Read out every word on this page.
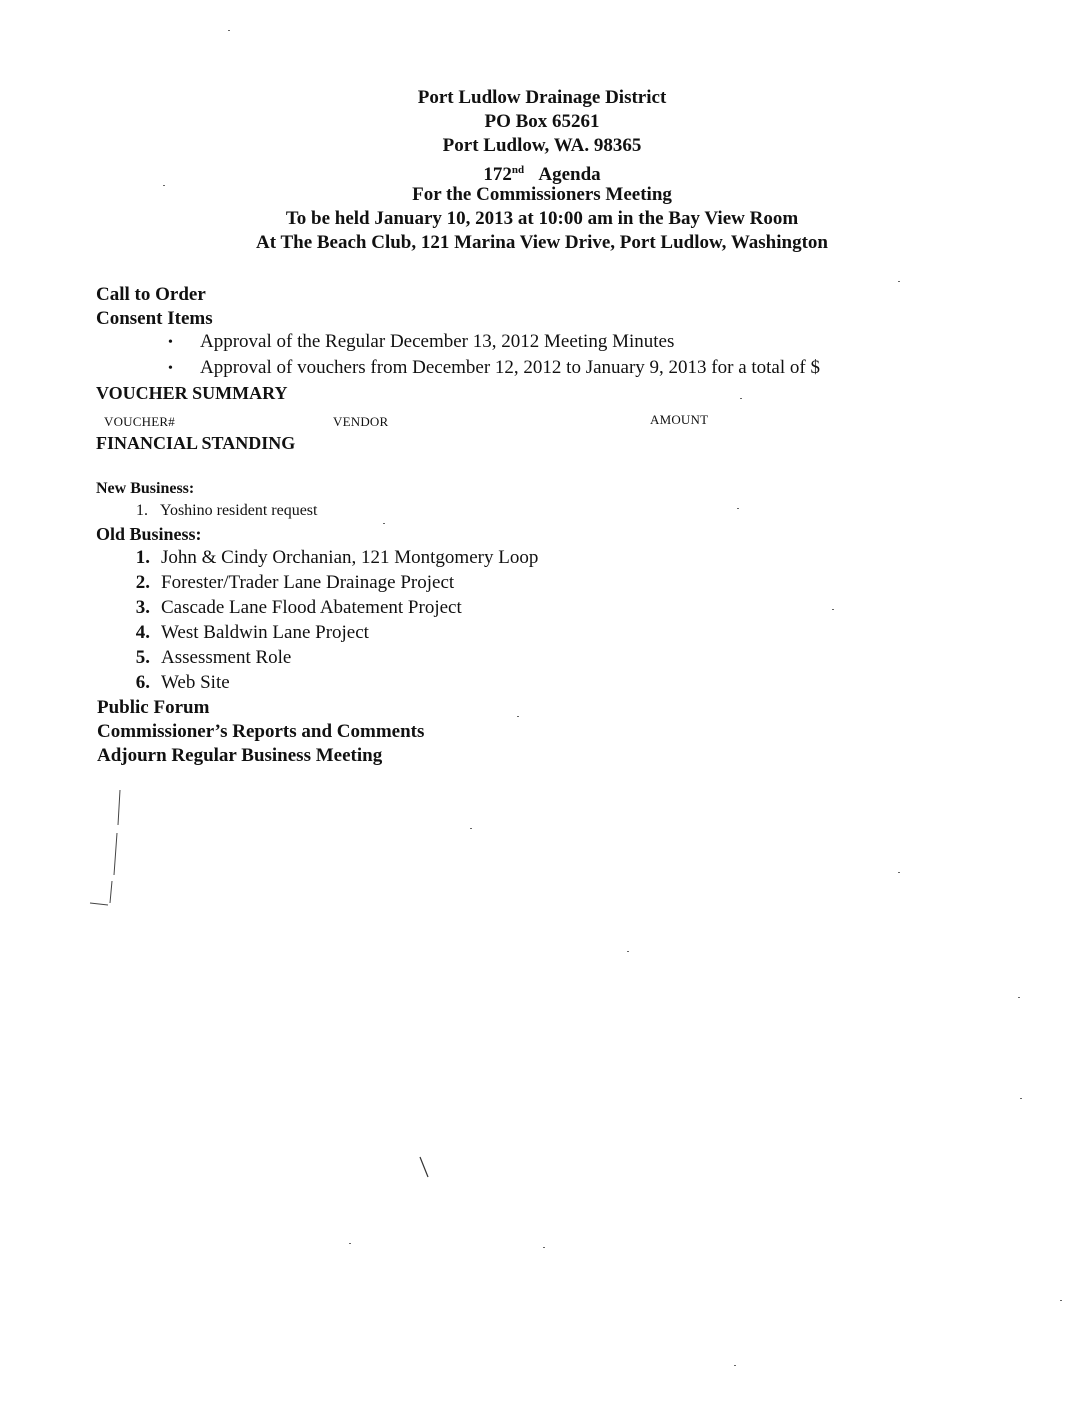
Port Ludlow Drainage District
PO Box 65261
Port Ludlow, WA. 98365
172nd Agenda
For the Commissioners Meeting
To be held January 10, 2013 at 10:00 am in the Bay View Room
At The Beach Club, 121 Marina View Drive, Port Ludlow, Washington
Call to Order
Consent Items
• Approval of the Regular December 13, 2012 Meeting Minutes
• Approval of vouchers from December 12, 2012 to January 9, 2013 for a total of $
VOUCHER SUMMARY
VOUCHER#	VENDOR	AMOUNT
FINANCIAL STANDING
New Business:
1. Yoshino resident request
Old Business:
1. John & Cindy Orchanian, 121 Montgomery Loop
2. Forester/Trader Lane Drainage Project
3. Cascade Lane Flood Abatement Project
4. West Baldwin Lane Project
5. Assessment Role
6. Web Site
Public Forum
Commissioner’s Reports and Comments
Adjourn Regular Business Meeting
